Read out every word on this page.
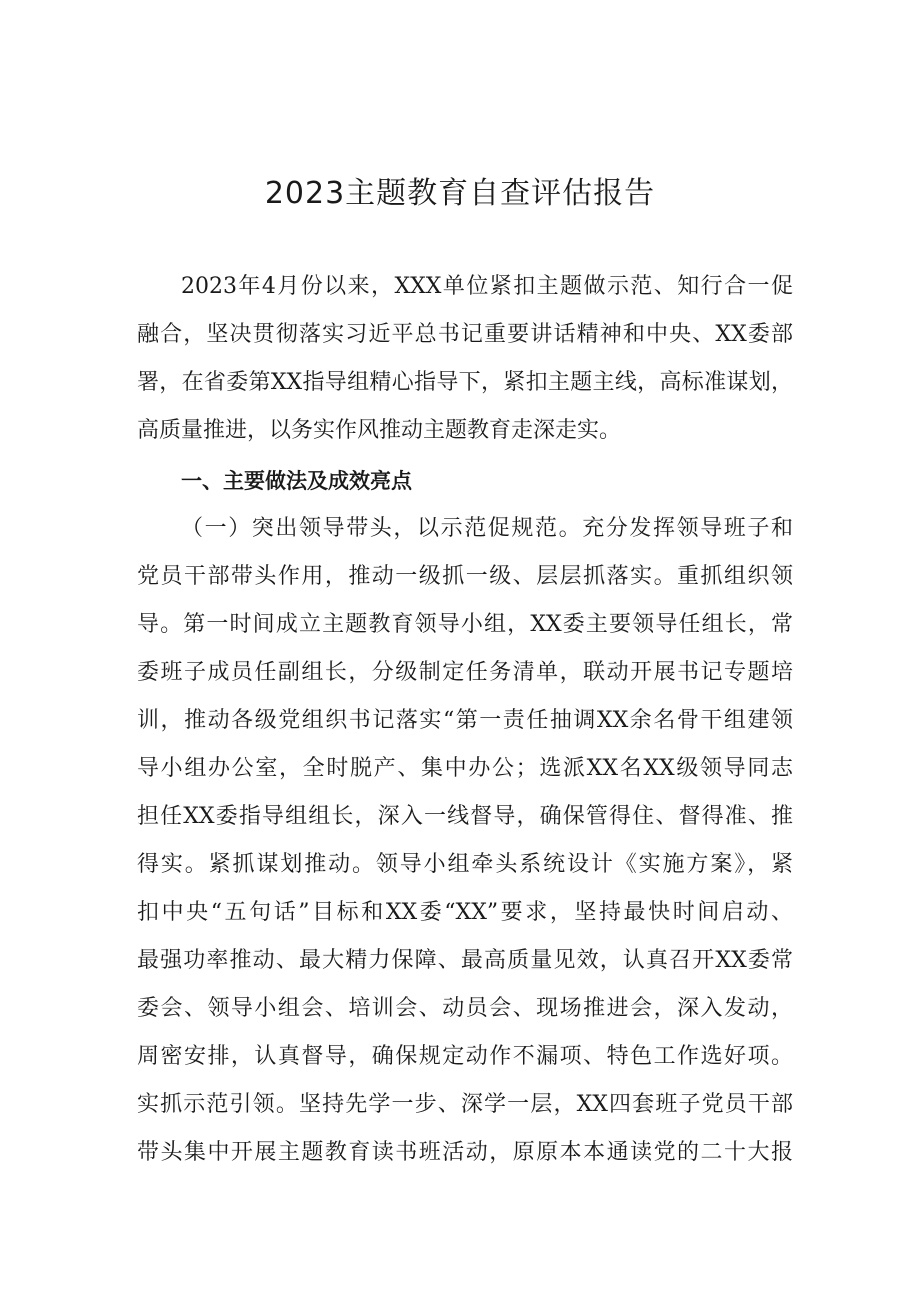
2023主题教育自查评估报告

2023年4月份以来，XXX单位紧扣主题做示范、知行合一促

融合，坚决贯彻落实习近平总书记重要讲话精神和中央、XX委部

署，在省委第XX指导组精心指导下，紧扣主题主线，高标准谋划，

高质量推进，以务实作风推动主题教育走深走实。

一、主要做法及成效亮点

（一）突出领导带头，以示范促规范。充分发挥领导班子和

党员干部带头作用，推动一级抓一级、层层抓落实。重抓组织领

导。第一时间成立主题教育领导小组，XX委主要领导任组长，常

委班子成员任副组长，分级制定任务清单，联动开展书记专题培

训，推动各级党组织书记落实“第一责任抽调XX余名骨干组建领

导小组办公室，全时脱产、集中办公；选派XX名XX级领导同志

担任XX委指导组组长，深入一线督导，确保管得住、督得准、推

得实。紧抓谋划推动。领导小组牵头系统设计《实施方案》，紧

扣中央“五句话”目标和XX委“XX”要求，坚持最快时间启动、

最强功率推动、最大精力保障、最高质量见效，认真召开XX委常

委会、领导小组会、培训会、动员会、现场推进会，深入发动，

周密安排，认真督导，确保规定动作不漏项、特色工作选好项。

实抓示范引领。坚持先学一步、深学一层，XX四套班子党员干部

带头集中开展主题教育读书班活动，原原本本通读党的二十大报
